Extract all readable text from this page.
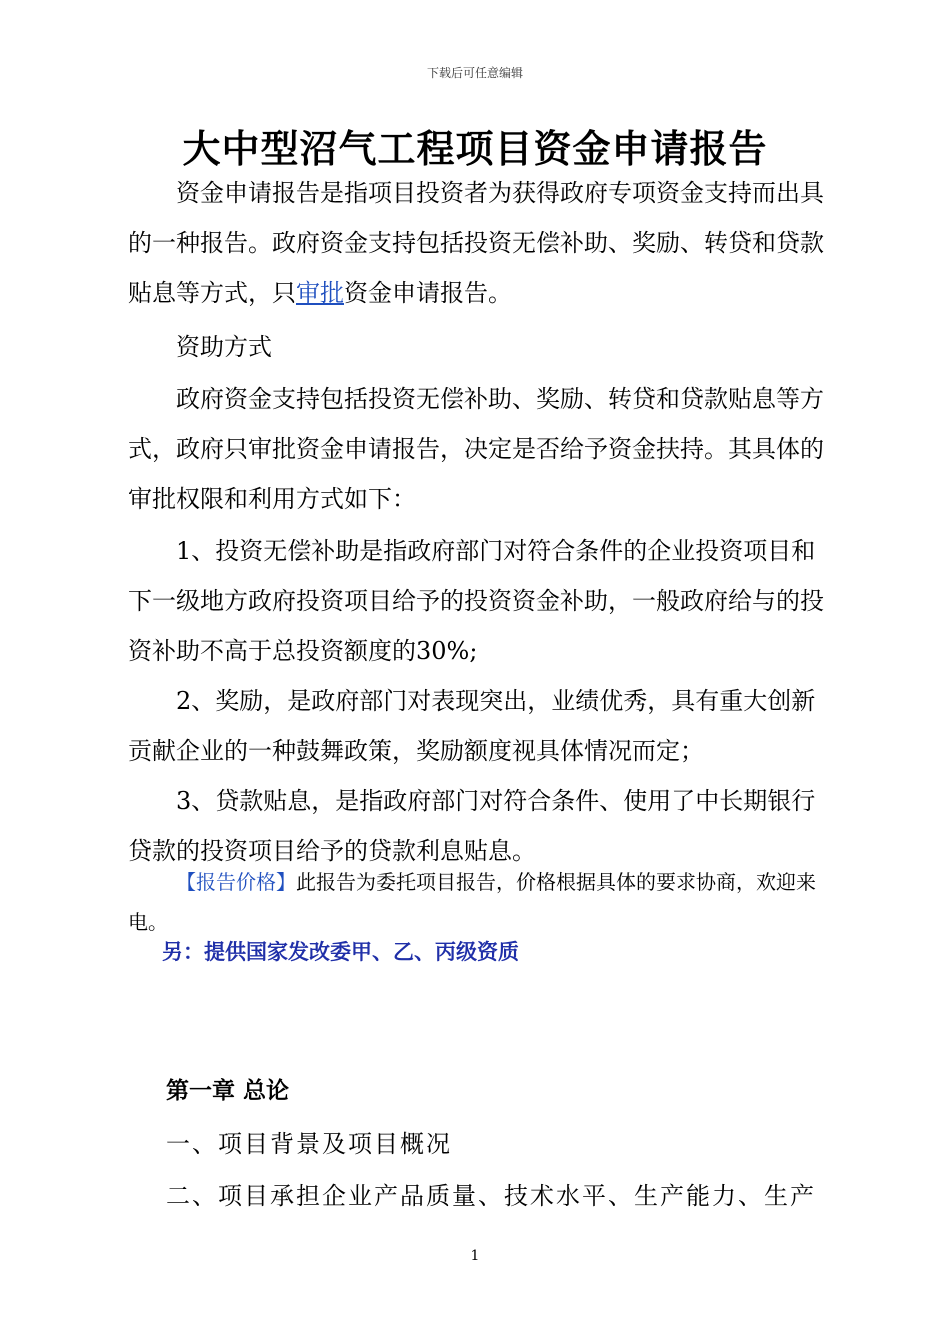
下载后可任意编辑
大中型沼气工程项目资金申请报告

资金申请报告是指项目投资者为获得政府专项资金支持而出具的一种报告。政府资金支持包括投资无偿补助、奖励、转贷和贷款贴息等方式，只审批资金申请报告。

资助方式

政府资金支持包括投资无偿补助、奖励、转贷和贷款贴息等方式，政府只审批资金申请报告，决定是否给予资金扶持。其具体的审批权限和利用方式如下：

1、投资无偿补助是指政府部门对符合条件的企业投资项目和下一级地方政府投资项目给予的投资资金补助，一般政府给与的投资补助不高于总投资额度的30%;

2、奖励，是政府部门对表现突出，业绩优秀，具有重大创新贡献企业的一种鼓舞政策，奖励额度视具体情况而定；

3、贷款贴息，是指政府部门对符合条件、使用了中长期银行贷款的投资项目给予的贷款利息贴息。

【报告价格】此报告为委托项目报告，价格根据具体的要求协商，欢迎来电。

另：提供国家发改委甲、乙、丙级资质
第一章 总论
一、项目背景及项目概况
二、项目承担企业产品质量、技术水平、生产能力、生产
1
